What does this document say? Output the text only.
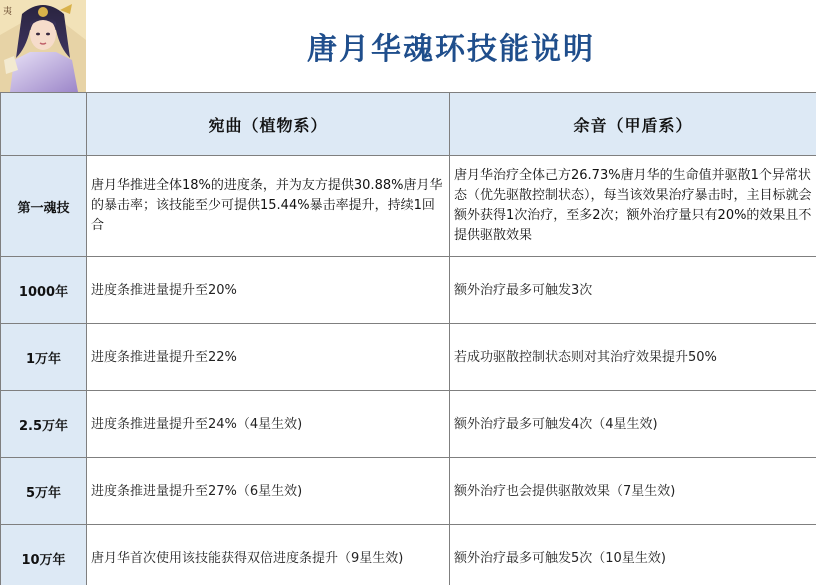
夷
唐月华魂环技能说明
	宛曲（植物系）	余音（甲盾系）
第一魂技	唐月华推进全体18%的进度条，并为友方提供30.88%唐月华的暴击率；该技能至少可提供15.44%暴击率提升，持续1回合	唐月华治疗全体己方26.73%唐月华的生命值并驱散1个异常状态（优先驱散控制状态），每当该效果治疗暴击时，主目标就会额外获得1次治疗，至多2次；额外治疗量只有20%的效果且不提供驱散效果
1000年	进度条推进量提升至20%	额外治疗最多可触发3次
1万年	进度条推进量提升至22%	若成功驱散控制状态则对其治疗效果提升50%
2.5万年	进度条推进量提升至24%（4星生效)	额外治疗最多可触发4次（4星生效)
5万年	进度条推进量提升至27%（6星生效)	额外治疗也会提供驱散效果（7星生效)
10万年	唐月华首次使用该技能获得双倍进度条提升（9星生效)	额外治疗最多可触发5次（10星生效)
